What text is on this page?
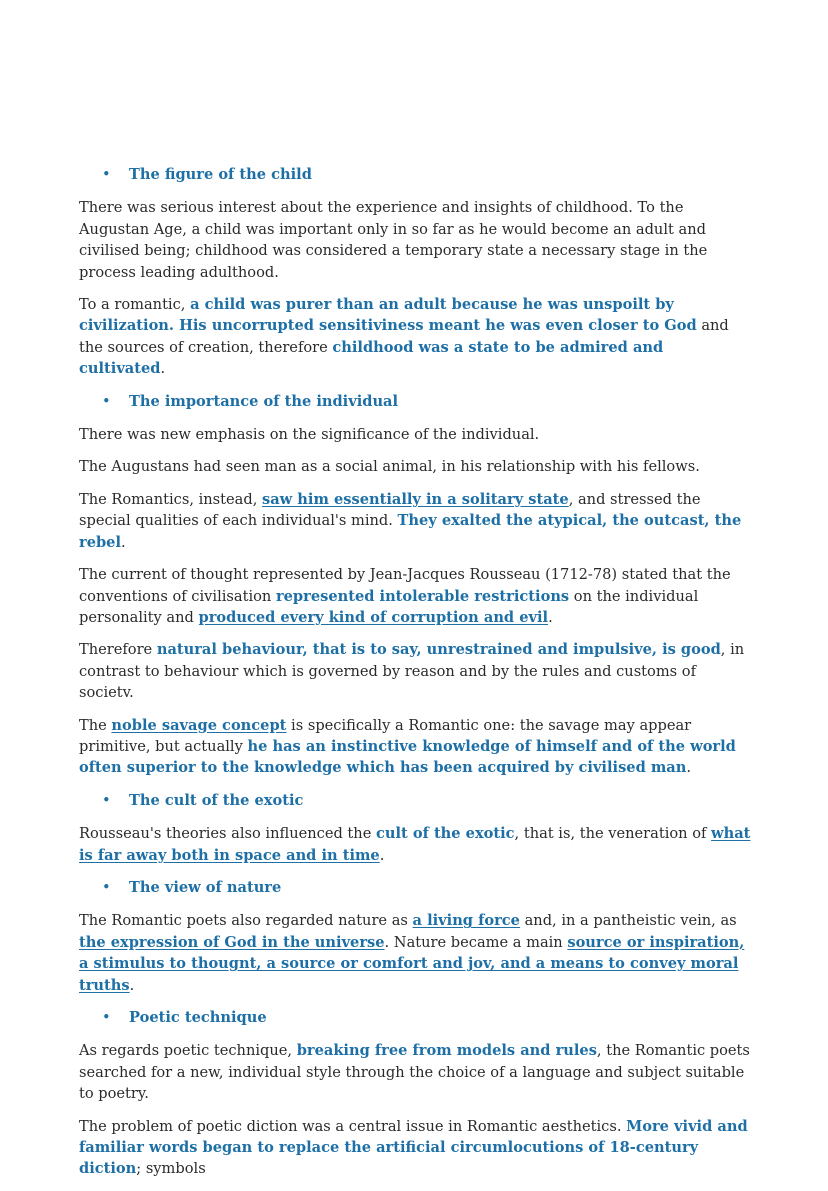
• The figure of the child

There was serious interest about the experience and insights of childhood. To the Augustan Age, a child was important only in so far as he would become an adult and civilised being; childhood was considered a temporary state a necessary stage in the process leading adulthood.

To a romantic, a child was purer than an adult because he was unspoilt by civilization. His uncorrupted sensitiviness meant he was even closer to God and the sources of creation, therefore childhood was a state to be admired and cultivated.

• The importance of the individual

There was new emphasis on the significance of the individual.

The Augustans had seen man as a social animal, in his relationship with his fellows.

The Romantics, instead, saw him essentially in a solitary state, and stressed the special qualities of each individual's mind. They exalted the atypical, the outcast, the rebel.

The current of thought represented by Jean-Jacques Rousseau (1712-78) stated that the conventions of civilisation represented intolerable restrictions on the individual personality and produced every kind of corruption and evil.

Therefore natural behaviour, that is to say, unrestrained and impulsive, is good, in contrast to behaviour which is governed by reason and by the rules and customs of societv.

The noble savage concept is specifically a Romantic one: the savage may appear primitive, but actually he has an instinctive knowledge of himself and of the world often superior to the knowledge which has been acquired by civilised man.

• The cult of the exotic

Rousseau's theories also influenced the cult of the exotic, that is, the veneration of what is far away both in space and in time.

• The view of nature

The Romantic poets also regarded nature as a living force and, in a pantheistic vein, as the expression of God in the universe. Nature became a main source or inspiration, a stimulus to thougnt, a source or comfort and jov, and a means to convey moral truths.

• Poetic technique

As regards poetic technique, breaking free from models and rules, the Romantic poets searched for a new, individual style through the choice of a language and subject suitable to poetry.

The problem of poetic diction was a central issue in Romantic aesthetics. More vivid and familiar words began to replace the artificial circumlocutions of 18-century diction; symbols
